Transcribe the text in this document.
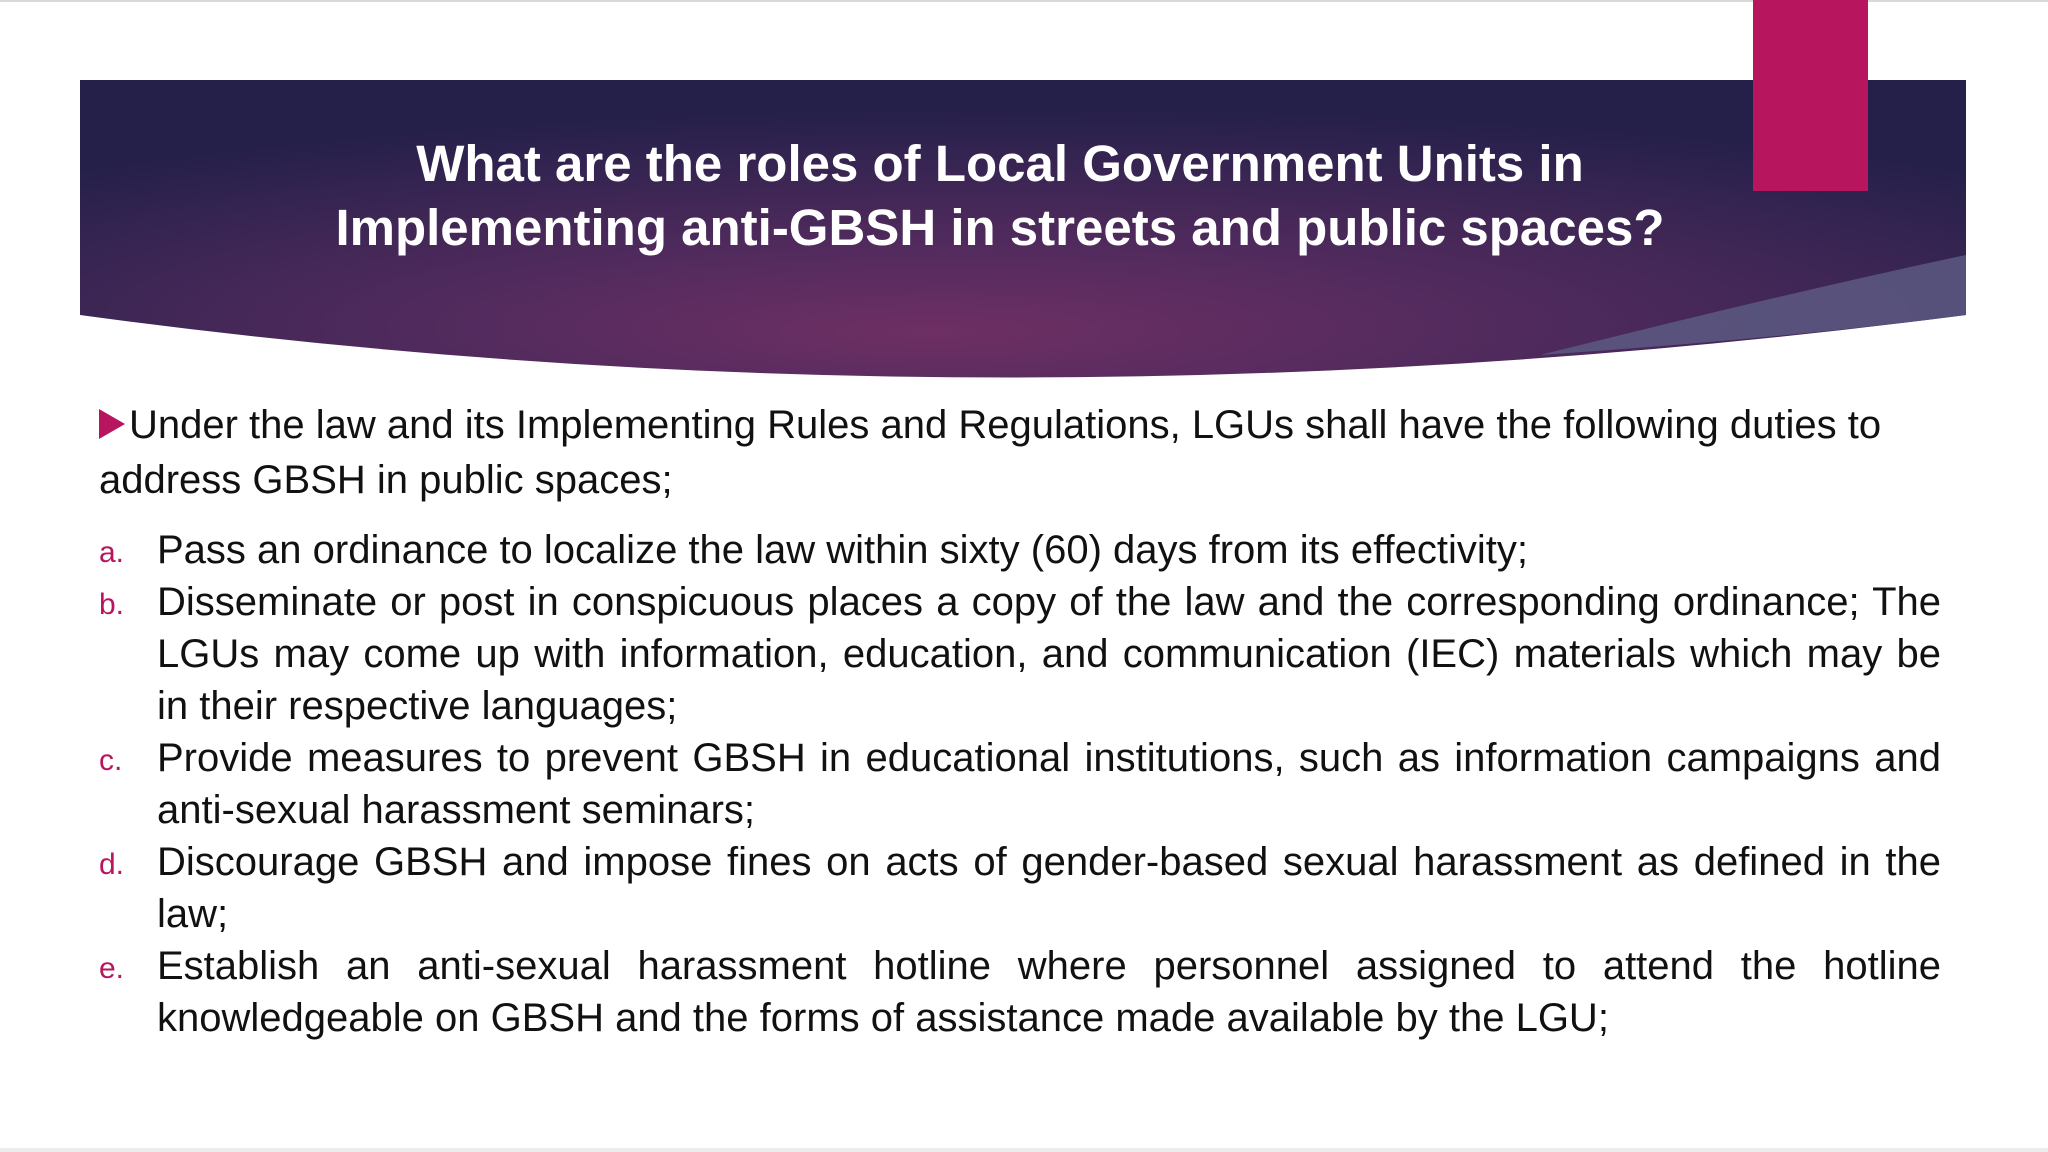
What are the roles of Local Government Units in
Implementing anti-GBSH in streets and public spaces?

Under the law and its Implementing Rules and Regulations, LGUs shall have the following duties to address GBSH in public spaces;

a. Pass an ordinance to localize the law within sixty (60) days from its effectivity;
b. Disseminate or post in conspicuous places a copy of the law and the corresponding ordinance; The LGUs may come up with information, education, and communication (IEC) materials which may be in their respective languages;
c. Provide measures to prevent GBSH in educational institutions, such as information campaigns and anti-sexual harassment seminars;
d. Discourage GBSH and impose fines on acts of gender-based sexual harassment as defined in the law;
e. Establish an anti-sexual harassment hotline where personnel assigned to attend the hotline knowledgeable on GBSH and the forms of assistance made available by the LGU;
